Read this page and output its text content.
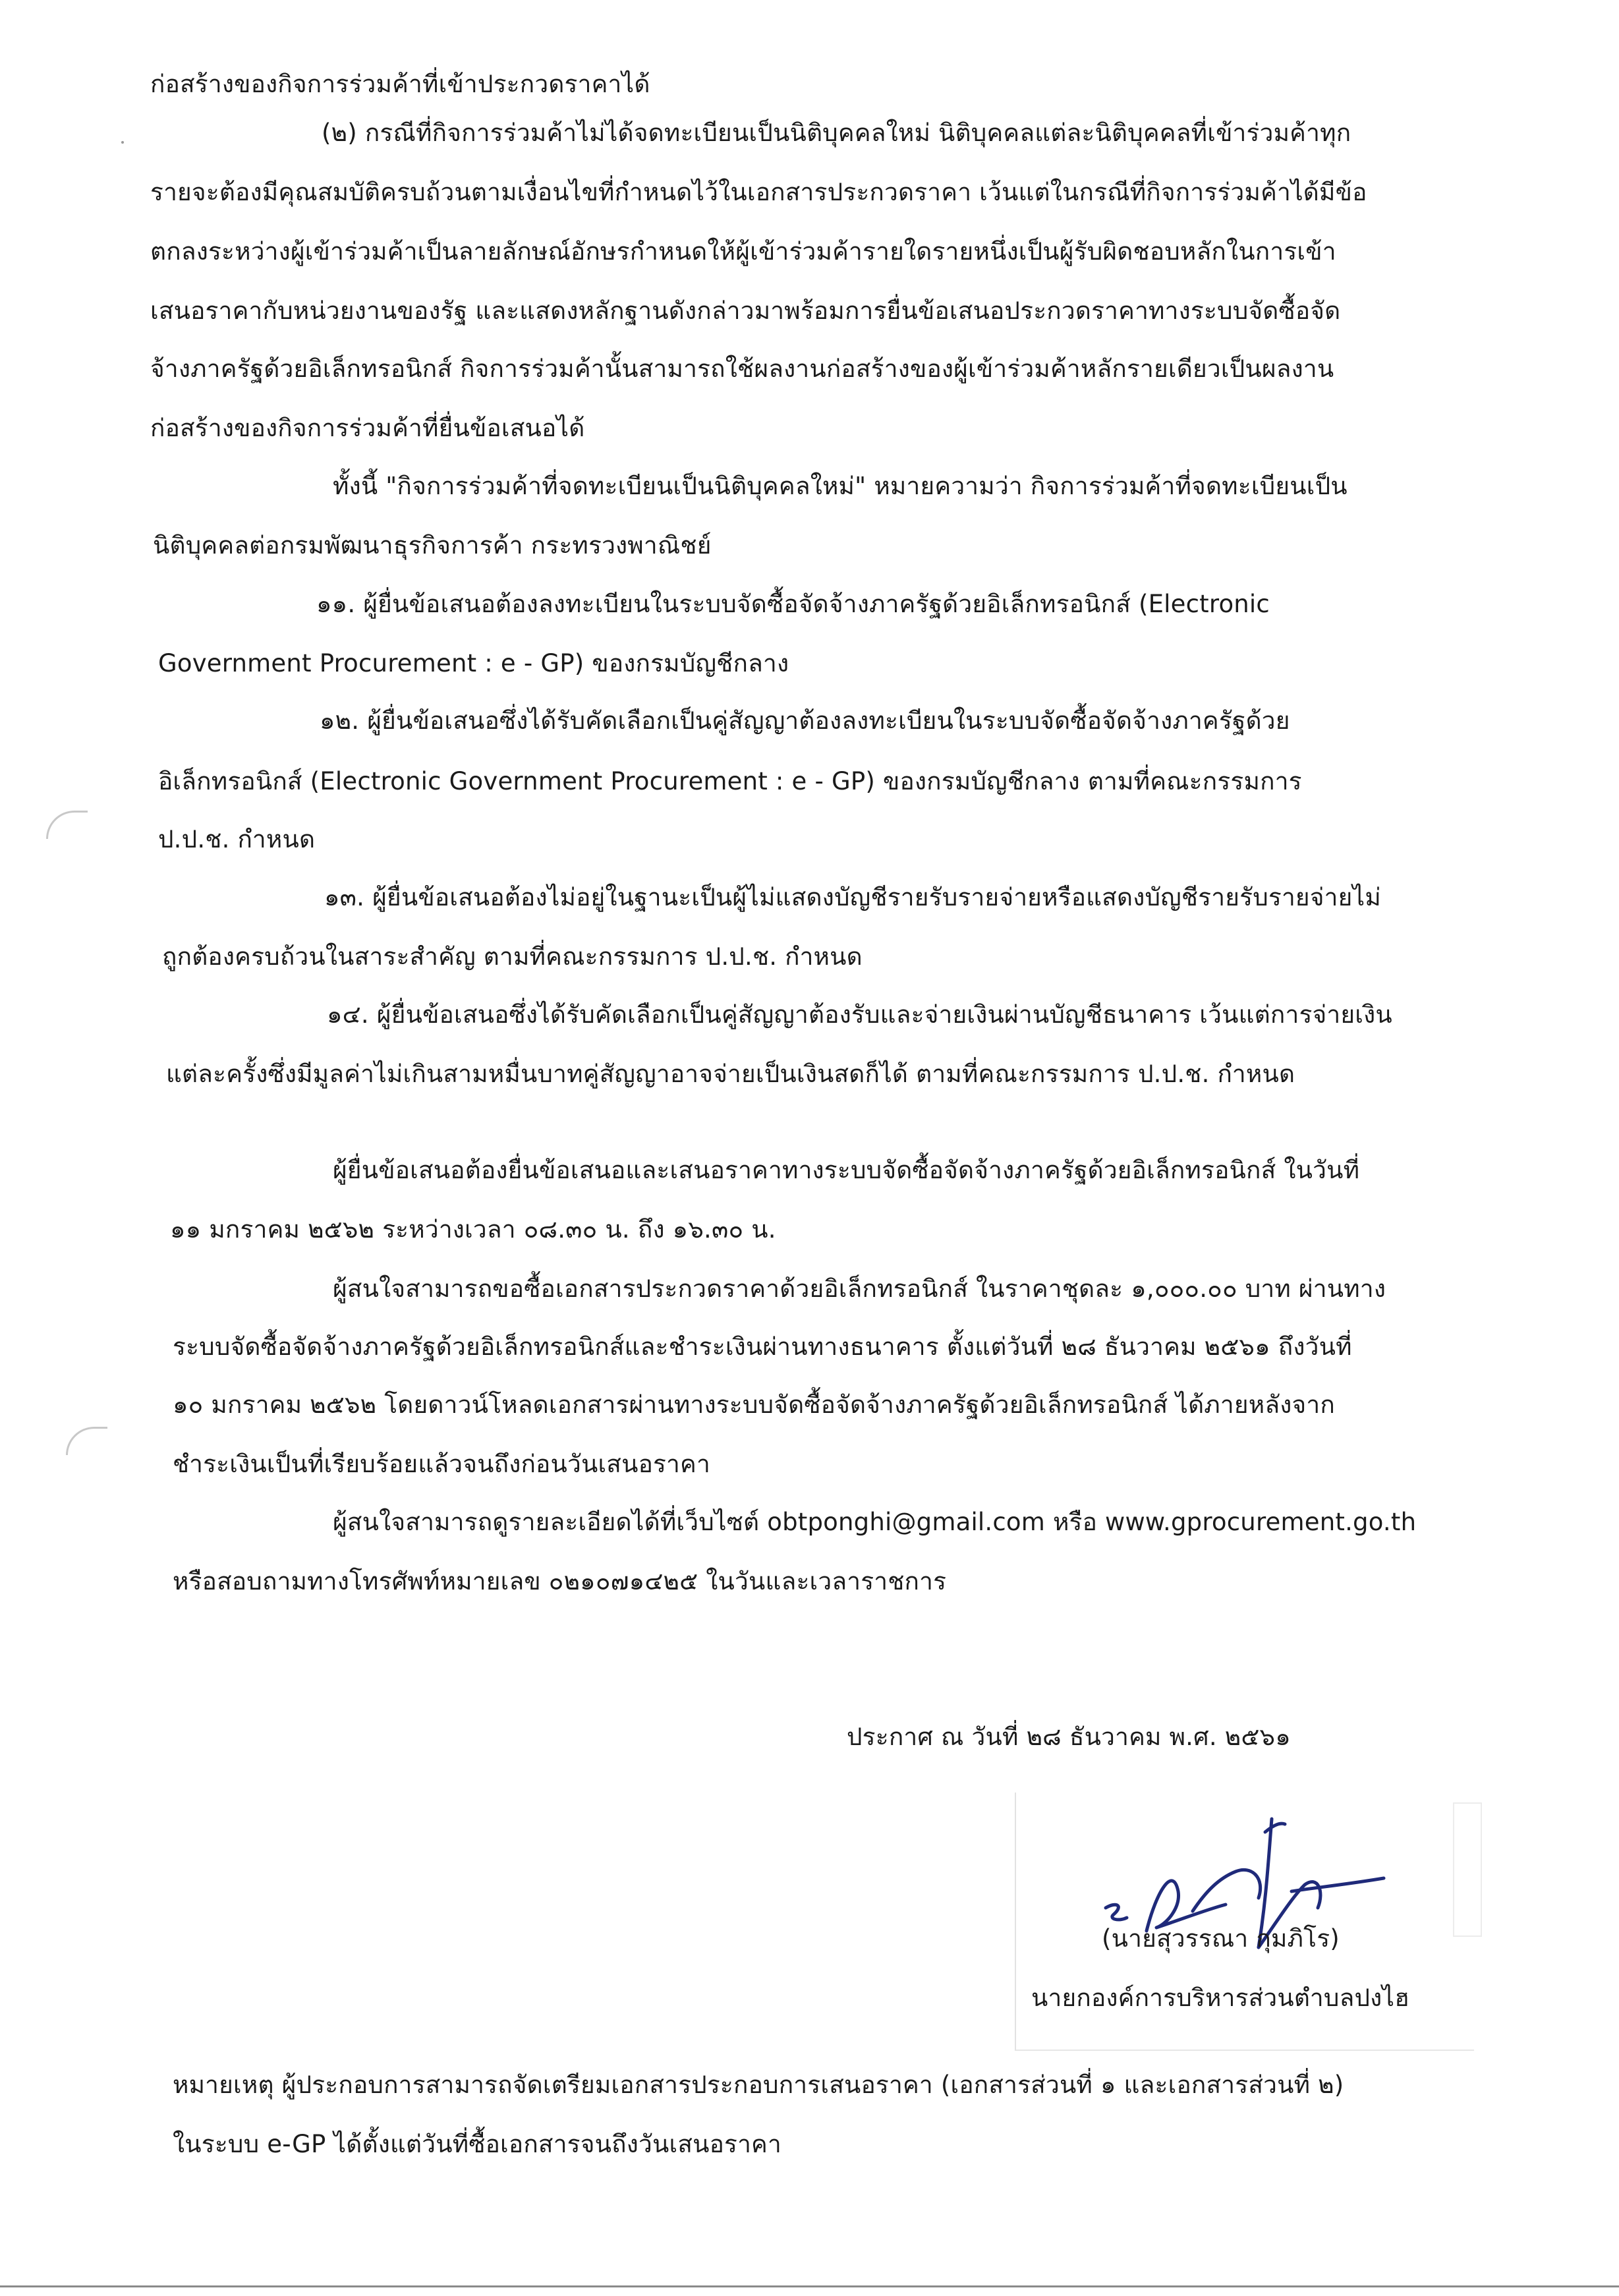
ก่อสร้างของกิจการร่วมค้าที่เข้าประกวดราคาได้
(๒) กรณีที่กิจการร่วมค้าไม่ได้จดทะเบียนเป็นนิติบุคคลใหม่ นิติบุคคลแต่ละนิติบุคคลที่เข้าร่วมค้าทุก
รายจะต้องมีคุณสมบัติครบถ้วนตามเงื่อนไขที่กำหนดไว้ในเอกสารประกวดราคา เว้นแต่ในกรณีที่กิจการร่วมค้าได้มีข้อ
ตกลงระหว่างผู้เข้าร่วมค้าเป็นลายลักษณ์อักษรกำหนดให้ผู้เข้าร่วมค้ารายใดรายหนึ่งเป็นผู้รับผิดชอบหลักในการเข้า
เสนอราคากับหน่วยงานของรัฐ และแสดงหลักฐานดังกล่าวมาพร้อมการยื่นข้อเสนอประกวดราคาทางระบบจัดซื้อจัด
จ้างภาครัฐด้วยอิเล็กทรอนิกส์ กิจการร่วมค้านั้นสามารถใช้ผลงานก่อสร้างของผู้เข้าร่วมค้าหลักรายเดียวเป็นผลงาน
ก่อสร้างของกิจการร่วมค้าที่ยื่นข้อเสนอได้
ทั้งนี้ "กิจการร่วมค้าที่จดทะเบียนเป็นนิติบุคคลใหม่" หมายความว่า กิจการร่วมค้าที่จดทะเบียนเป็น
นิติบุคคลต่อกรมพัฒนาธุรกิจการค้า กระทรวงพาณิชย์
๑๑. ผู้ยื่นข้อเสนอต้องลงทะเบียนในระบบจัดซื้อจัดจ้างภาครัฐด้วยอิเล็กทรอนิกส์ (Electronic
Government Procurement : e - GP) ของกรมบัญชีกลาง
๑๒. ผู้ยื่นข้อเสนอซึ่งได้รับคัดเลือกเป็นคู่สัญญาต้องลงทะเบียนในระบบจัดซื้อจัดจ้างภาครัฐด้วย
อิเล็กทรอนิกส์ (Electronic Government Procurement : e - GP) ของกรมบัญชีกลาง ตามที่คณะกรรมการ
ป.ป.ช. กำหนด
๑๓. ผู้ยื่นข้อเสนอต้องไม่อยู่ในฐานะเป็นผู้ไม่แสดงบัญชีรายรับรายจ่ายหรือแสดงบัญชีรายรับรายจ่ายไม่
ถูกต้องครบถ้วนในสาระสำคัญ ตามที่คณะกรรมการ ป.ป.ช. กำหนด
๑๔. ผู้ยื่นข้อเสนอซึ่งได้รับคัดเลือกเป็นคู่สัญญาต้องรับและจ่ายเงินผ่านบัญชีธนาคาร เว้นแต่การจ่ายเงิน
แต่ละครั้งซึ่งมีมูลค่าไม่เกินสามหมื่นบาทคู่สัญญาอาจจ่ายเป็นเงินสดก็ได้ ตามที่คณะกรรมการ ป.ป.ช. กำหนด
ผู้ยื่นข้อเสนอต้องยื่นข้อเสนอและเสนอราคาทางระบบจัดซื้อจัดจ้างภาครัฐด้วยอิเล็กทรอนิกส์ ในวันที่
๑๑ มกราคม ๒๕๖๒ ระหว่างเวลา ๐๘.๓๐ น. ถึง ๑๖.๓๐ น.
ผู้สนใจสามารถขอซื้อเอกสารประกวดราคาด้วยอิเล็กทรอนิกส์ ในราคาชุดละ ๑,๐๐๐.๐๐ บาท ผ่านทาง
ระบบจัดซื้อจัดจ้างภาครัฐด้วยอิเล็กทรอนิกส์และชำระเงินผ่านทางธนาคาร ตั้งแต่วันที่ ๒๘ ธันวาคม ๒๕๖๑ ถึงวันที่
๑๐ มกราคม ๒๕๖๒ โดยดาวน์โหลดเอกสารผ่านทางระบบจัดซื้อจัดจ้างภาครัฐด้วยอิเล็กทรอนิกส์ ได้ภายหลังจาก
ชำระเงินเป็นที่เรียบร้อยแล้วจนถึงก่อนวันเสนอราคา
ผู้สนใจสามารถดูรายละเอียดได้ที่เว็บไซต์ obtponghi@gmail.com หรือ www.gprocurement.go.th
หรือสอบถามทางโทรศัพท์หมายเลข ๐๒๑๐๗๑๔๒๕ ในวันและเวลาราชการ
ประกาศ ณ วันที่ ๒๘ ธันวาคม พ.ศ. ๒๕๖๑
(นายสุวรรณา กุมภิโร)
นายกองค์การบริหารส่วนตำบลปงไฮ
หมายเหตุ ผู้ประกอบการสามารถจัดเตรียมเอกสารประกอบการเสนอราคา (เอกสารส่วนที่ ๑ และเอกสารส่วนที่ ๒)
ในระบบ e-GP ได้ตั้งแต่วันที่ซื้อเอกสารจนถึงวันเสนอราคา
